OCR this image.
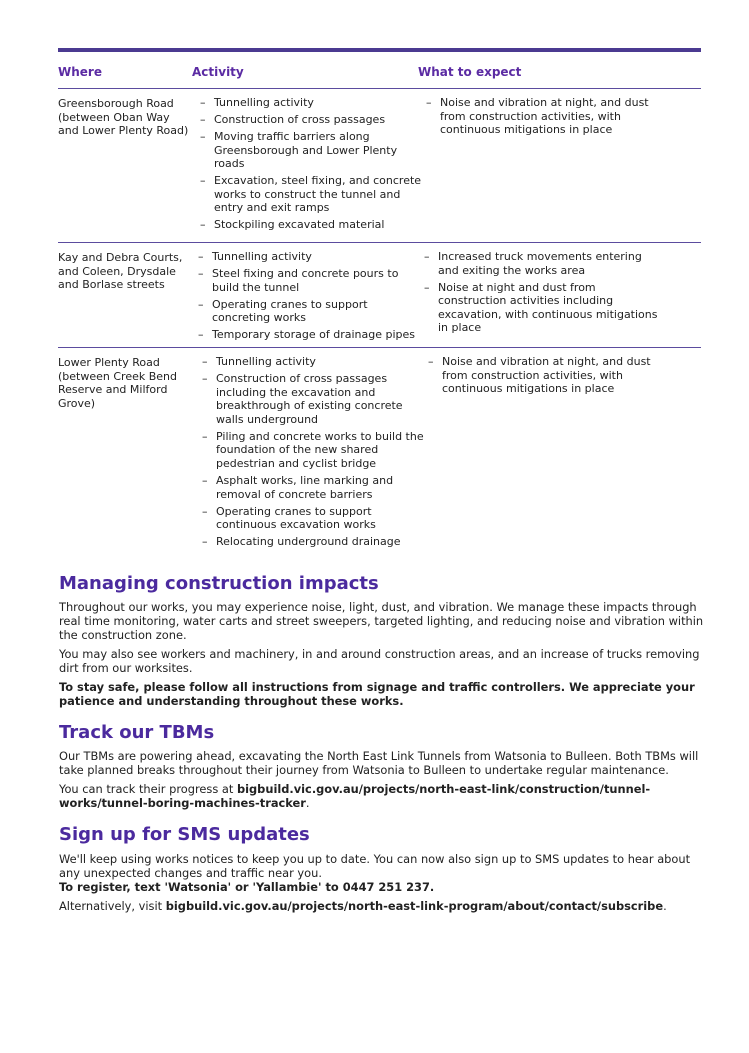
Where	Activity	What to expect
Greensborough Road (between Oban Way and Lower Plenty Road)
– Tunnelling activity
– Construction of cross passages
– Moving traffic barriers along Greensborough and Lower Plenty roads
– Excavation, steel fixing, and concrete works to construct the tunnel and entry and exit ramps
– Stockpiling excavated material
– Noise and vibration at night, and dust from construction activities, with continuous mitigations in place
Kay and Debra Courts, and Coleen, Drysdale and Borlase streets
– Tunnelling activity
– Steel fixing and concrete pours to build the tunnel
– Operating cranes to support concreting works
– Temporary storage of drainage pipes
– Increased truck movements entering and exiting the works area
– Noise at night and dust from construction activities including excavation, with continuous mitigations in place
Lower Plenty Road (between Creek Bend Reserve and Milford Grove)
– Tunnelling activity
– Construction of cross passages including the excavation and breakthrough of existing concrete walls underground
– Piling and concrete works to build the foundation of the new shared pedestrian and cyclist bridge
– Asphalt works, line marking and removal of concrete barriers
– Operating cranes to support continuous excavation works
– Relocating underground drainage
– Noise and vibration at night, and dust from construction activities, with continuous mitigations in place
Managing construction impacts

Throughout our works, you may experience noise, light, dust, and vibration. We manage these impacts through real time monitoring, water carts and street sweepers, targeted lighting, and reducing noise and vibration within the construction zone.

You may also see workers and machinery, in and around construction areas, and an increase of trucks removing dirt from our worksites.

To stay safe, please follow all instructions from signage and traffic controllers. We appreciate your patience and understanding throughout these works.

Track our TBMs

Our TBMs are powering ahead, excavating the North East Link Tunnels from Watsonia to Bulleen. Both TBMs will take planned breaks throughout their journey from Watsonia to Bulleen to undertake regular maintenance.

You can track their progress at bigbuild.vic.gov.au/projects/north-east-link/construction/tunnel-works/tunnel-boring-machines-tracker.

Sign up for SMS updates

We'll keep using works notices to keep you up to date. You can now also sign up to SMS updates to hear about any unexpected changes and traffic near you.

To register, text 'Watsonia' or 'Yallambie' to 0447 251 237.

Alternatively, visit bigbuild.vic.gov.au/projects/north-east-link-program/about/contact/subscribe.
